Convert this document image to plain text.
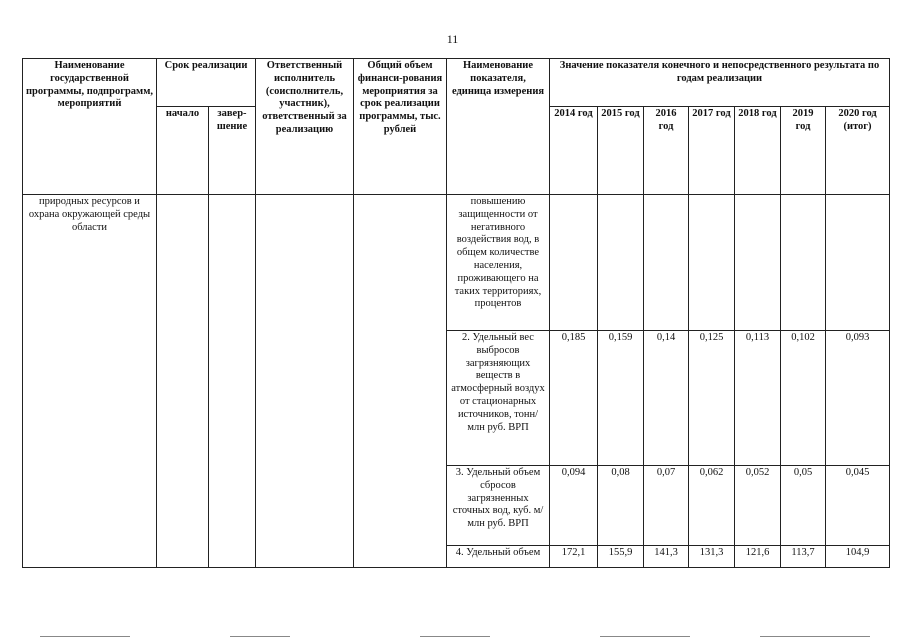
11
Наименование государственной программы, подпрограмм, мероприятий	Срок реализации		Ответственный исполнитель (соисполнитель, участник), ответственный за реализацию	Общий объем финанси-рования мероприятия за срок реализации программы, тыс. рублей	Наименование показателя, единица измерения	Значение показателя конечного и непосредственного результата по годам реализации						
	начало	завер-шение				2014 год	2015 год	2016 год	2017 год	2018 год	2019 год	2020 год (итог)
природных ресурсов и охрана окружающей среды области					повышению защищенности от негативного воздействия вод, в общем количестве населения, проживающего на таких территориях, процентов							
					2. Удельный вес выбросов загрязняющих веществ в атмосферный воздух от стационарных источников, тонн/млн руб. ВРП	0,185	0,159	0,14	0,125	0,113	0,102	0,093
					3. Удельный объем сбросов загрязненных сточных вод, куб. м/млн руб. ВРП	0,094	0,08	0,07	0,062	0,052	0,05	0,045
					4. Удельный объем	172,1	155,9	141,3	131,3	121,6	113,7	104,9
